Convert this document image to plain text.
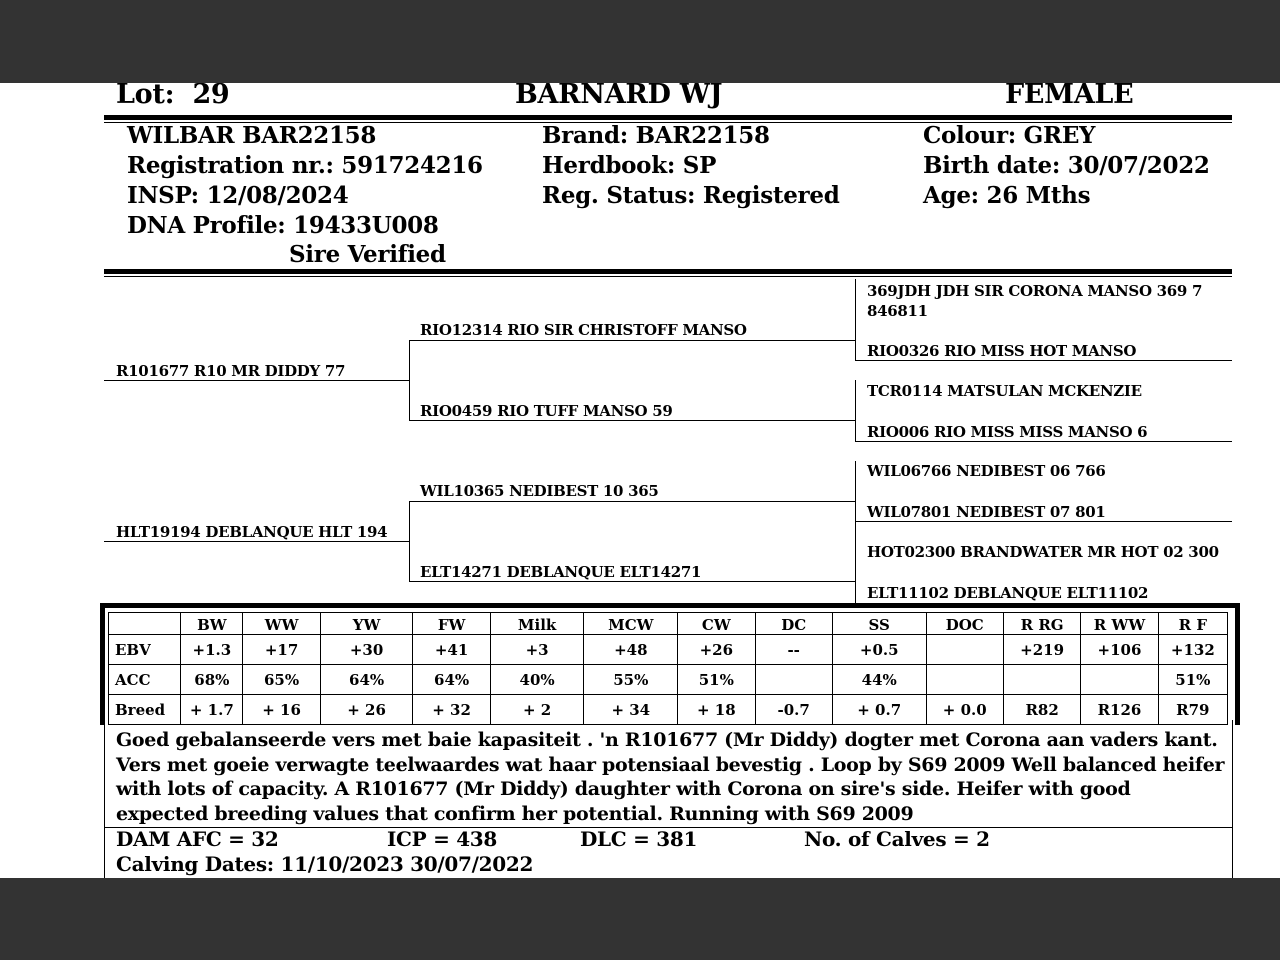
Lot: 29	BARNARD WJ	FEMALE
WILBAR BAR22158
Registration nr.: 591724216
INSP: 12/08/2024
DNA Profile: 19433U008
Sire Verified
Brand: BAR22158
Herdbook: SP
Reg. Status: Registered
Colour: GREY
Birth date: 30/07/2022
Age: 26 Mths
R101677 R10 MR DIDDY 77
HLT19194 DEBLANQUE HLT 194
RIO12314 RIO SIR CHRISTOFF MANSO
RIO0459 RIO TUFF MANSO 59
WIL10365 NEDIBEST 10 365
ELT14271 DEBLANQUE ELT14271
369JDH JDH SIR CORONA MANSO 369 7 846811
RIO0326 RIO MISS HOT MANSO
TCR0114 MATSULAN MCKENZIE
RIO006 RIO MISS MISS MANSO 6
WIL06766 NEDIBEST 06 766
WIL07801 NEDIBEST 07 801
HOT02300 BRANDWATER MR HOT 02 300
ELT11102 DEBLANQUE ELT11102
	BW	WW	YW	FW	Milk	MCW	CW	DC	SS	DOC	R RG	R WW	R F
EBV	+1.3	+17	+30	+41	+3	+48	+26	--	+0.5		+219	+106	+132
ACC	68%	65%	64%	64%	40%	55%	51%		44%				51%
Breed	+ 1.7	+ 16	+ 26	+ 32	+ 2	+ 34	+ 18	-0.7	+ 0.7	+ 0.0	R82	R126	R79
Goed gebalanseerde vers met baie kapasiteit . 'n R101677 (Mr Diddy) dogter met Corona aan vaders kant. Vers met goeie verwagte teelwaardes wat haar potensiaal bevestig . Loop by S69 2009 Well balanced heifer with lots of capacity. A R101677 (Mr Diddy) daughter with Corona on sire's side. Heifer with good expected breeding values that confirm her potential. Running with S69 2009
DAM AFC = 32	ICP = 438	DLC = 381	No. of Calves = 2
Calving Dates: 11/10/2023 30/07/2022
